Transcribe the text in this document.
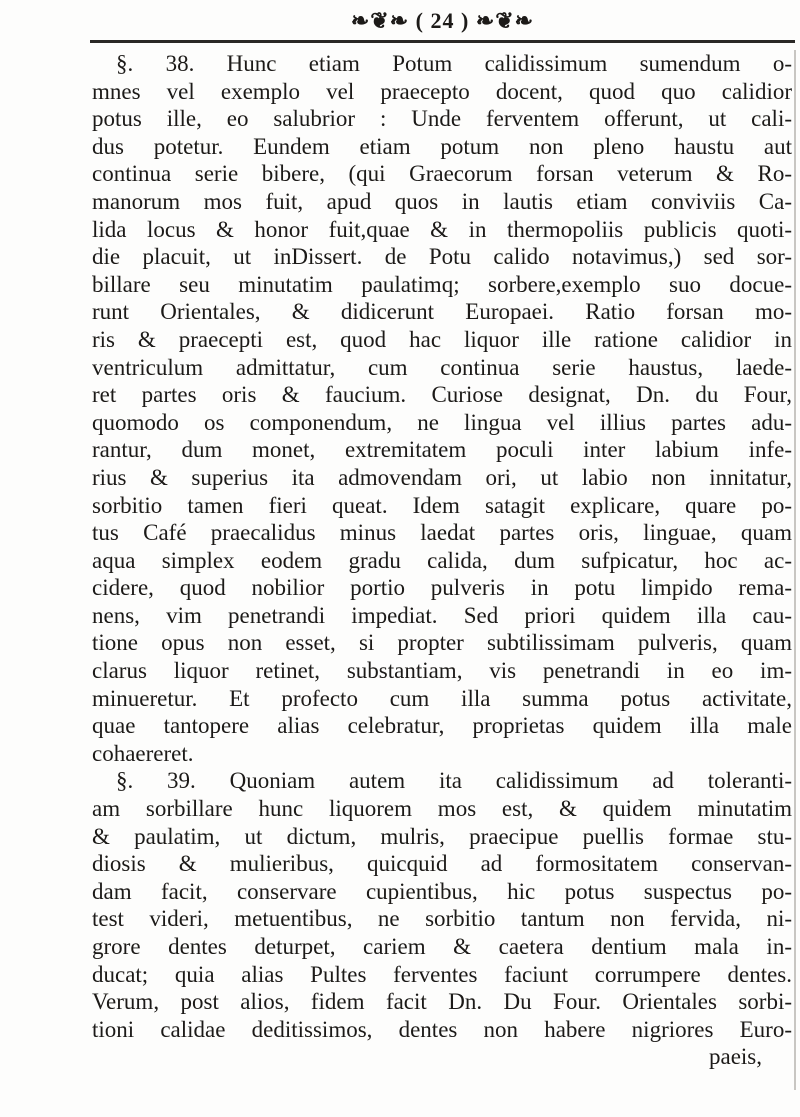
❧❦❧ ( 24 ) ❧❦❧
§. 38. Hunc etiam Potum calidissimum sumendum o-
mnes vel exemplo vel praecepto docent, quod quo calidior
potus ille, eo salubrior : Unde ferventem offerunt, ut cali-
dus potetur. Eundem etiam potum non pleno haustu aut
continua serie bibere, (qui Graecorum forsan veterum & Ro-
manorum mos fuit, apud quos in lautis etiam conviviis Ca-
lida locus & honor fuit,quae & in thermopoliis publicis quoti-
die placuit, ut inDissert. de Potu calido notavimus,) sed sor-
billare seu minutatim paulatimq; sorbere,exemplo suo docue-
runt Orientales, & didicerunt Europaei. Ratio forsan mo-
ris & praecepti est, quod hac liquor ille ratione calidior in
ventriculum admittatur, cum continua serie haustus, laede-
ret partes oris & faucium. Curiose designat, Dn. du Four,
quomodo os componendum, ne lingua vel illius partes adu-
rantur, dum monet, extremitatem poculi inter labium infe-
rius & superius ita admovendam ori, ut labio non innitatur,
sorbitio tamen fieri queat. Idem satagit explicare, quare po-
tus Café praecalidus minus laedat partes oris, linguae, quam
aqua simplex eodem gradu calida, dum sufpicatur, hoc ac-
cidere, quod nobilior portio pulveris in potu limpido rema-
nens, vim penetrandi impediat. Sed priori quidem illa cau-
tione opus non esset, si propter subtilissimam pulveris, quam
clarus liquor retinet, substantiam, vis penetrandi in eo im-
minueretur. Et profecto cum illa summa potus activitate,
quae tantopere alias celebratur, proprietas quidem illa male
cohaereret.
§. 39. Quoniam autem ita calidissimum ad toleranti-
am sorbillare hunc liquorem mos est, & quidem minutatim
& paulatim, ut dictum, mulris, praecipue puellis formae stu-
diosis & mulieribus, quicquid ad formositatem conservan-
dam facit, conservare cupientibus, hic potus suspectus po-
test videri, metuentibus, ne sorbitio tantum non fervida, ni-
grore dentes deturpet, cariem & caetera dentium mala in-
ducat; quia alias Pultes ferventes faciunt corrumpere dentes.
Verum, post alios, fidem facit Dn. Du Four. Orientales sorbi-
tioni calidae deditissimos, dentes non habere nigriores Euro-
paeis,
